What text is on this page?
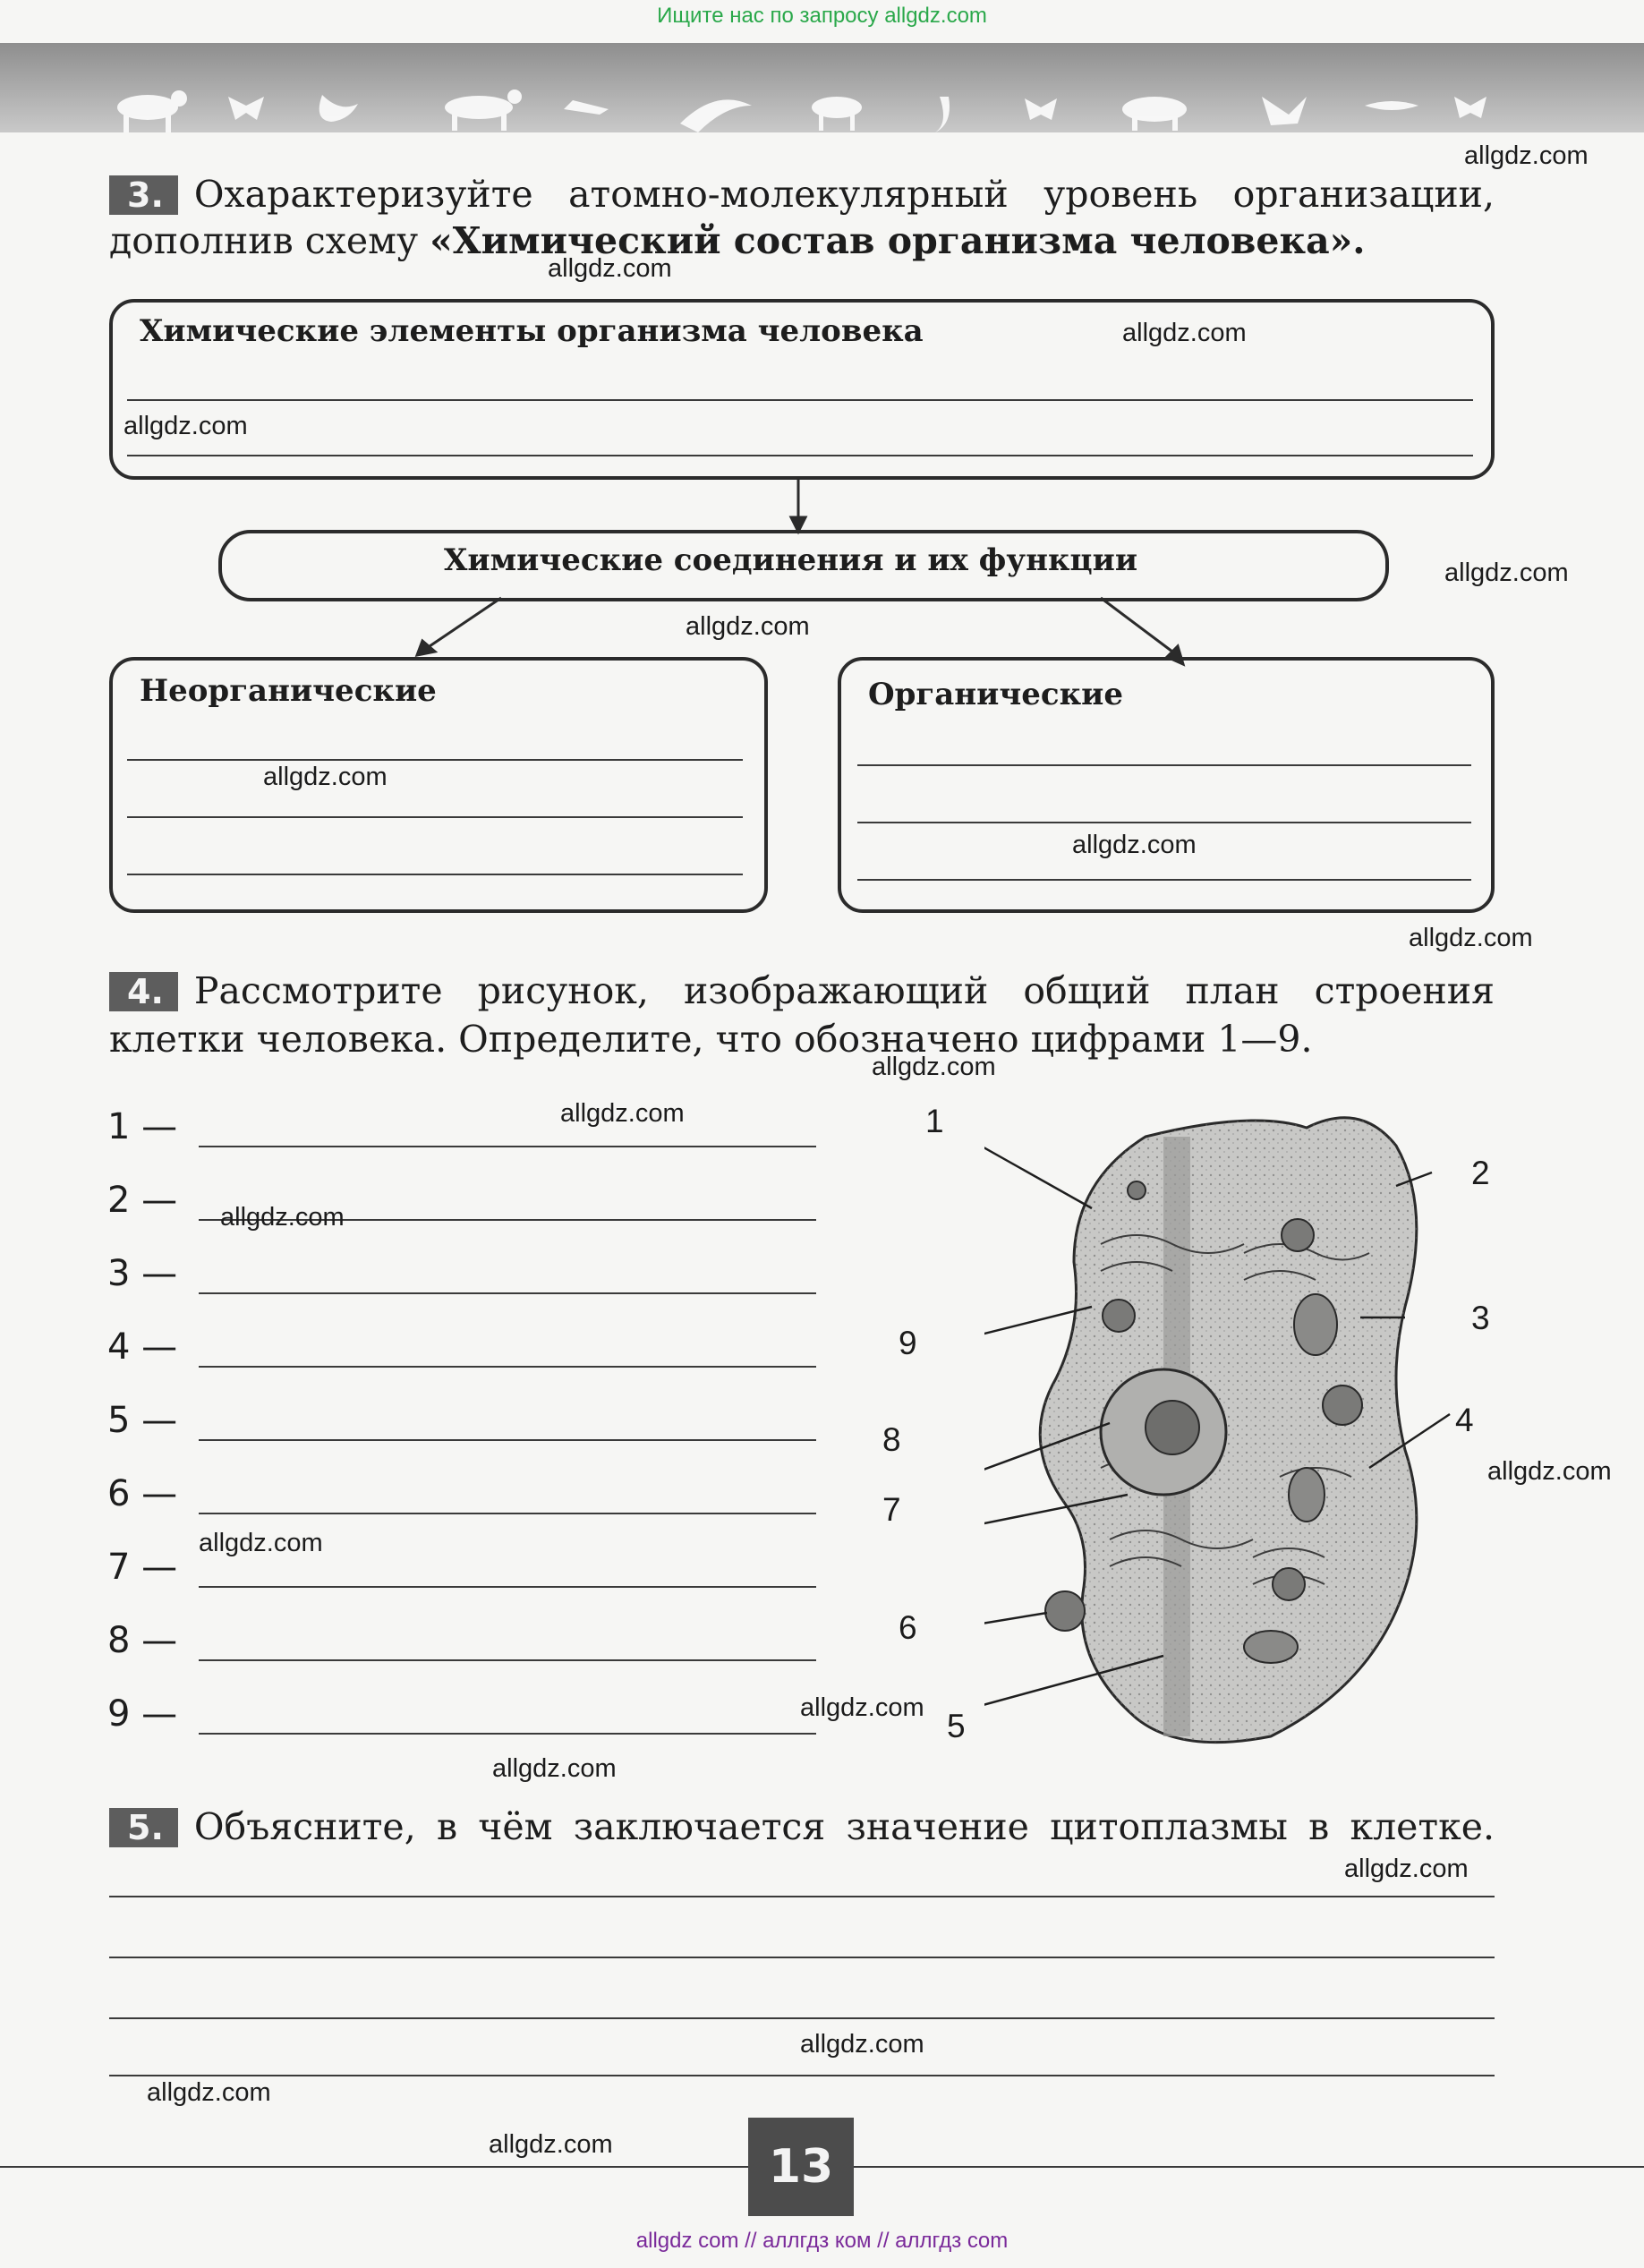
Ищите нас по запросу allgdz.com
3. Охарактеризуйте атомно-молекулярный уровень организации,
дополнив схему «Химический состав организма человека».
Химические элементы организма человека
Химические соединения и их функции
Неорганические	Органические
4. Рассмотрите рисунок, изображающий общий план строения
клетки человека. Определите, что обозначено цифрами 1—9.
1 —
2 —
3 —
4 —
5 —
6 —
7 —
8 —
9 —
1
2
3
4
5
6
7
8
9
5. Объясните, в чём заключается значение цитоплазмы в клетке.
13
allgdz com // аллгдз ком // аллгдз com
allgdz.com
allgdz.com
allgdz.com
allgdz.com
allgdz.com
allgdz.com
allgdz.com
allgdz.com
allgdz.com
allgdz.com
allgdz.com
allgdz.com
allgdz.com
allgdz.com
allgdz.com
allgdz.com
allgdz.com
allgdz.com
allgdz.com
allgdz.com
